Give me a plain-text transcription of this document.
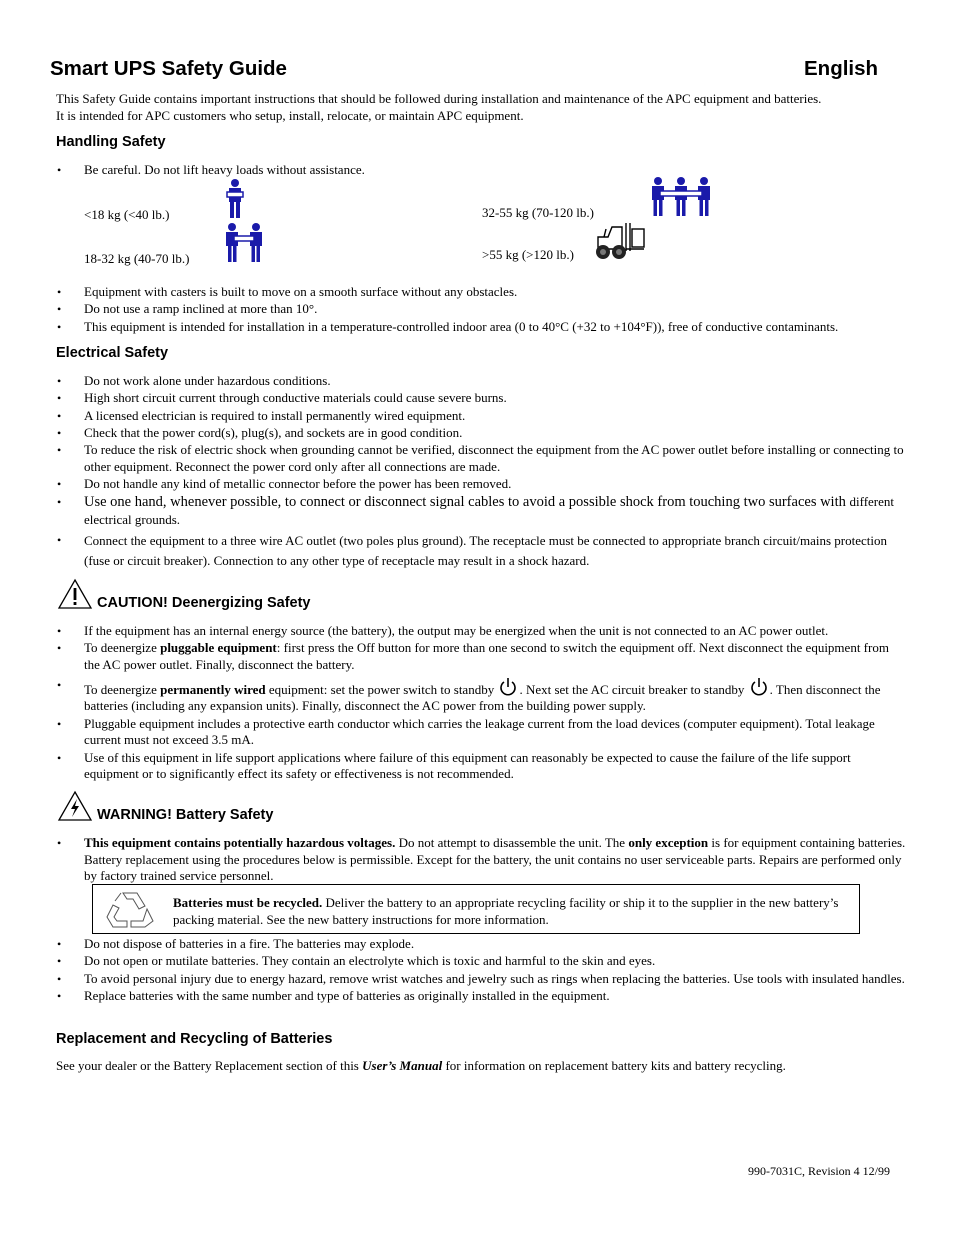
Smart UPS Safety Guide	English
This Safety Guide contains important instructions that should be followed during installation and maintenance of the APC equipment and batteries.
It is intended for APC customers who setup, install, relocate, or maintain APC equipment.
Handling Safety
• Be careful. Do not lift heavy loads without assistance.
<18 kg (<40 lb.)
18-32 kg (40-70 lb.)
32-55 kg (70-120 lb.)
>55 kg (>120 lb.)
• Equipment with casters is built to move on a smooth surface without any obstacles.
• Do not use a ramp inclined at more than 10°.
• This equipment is intended for installation in a temperature-controlled indoor area (0 to 40°C (+32 to +104°F)), free of conductive contaminants.
Electrical Safety
• Do not work alone under hazardous conditions.
• High short circuit current through conductive materials could cause severe burns.
• A licensed electrician is required to install permanently wired equipment.
• Check that the power cord(s), plug(s), and sockets are in good condition.
• To reduce the risk of electric shock when grounding cannot be verified, disconnect the equipment from the AC power outlet before installing or connecting to other equipment. Reconnect the power cord only after all connections are made.
• Do not handle any kind of metallic connector before the power has been removed.
• Use one hand, whenever possible, to connect or disconnect signal cables to avoid a possible shock from touching two surfaces with different electrical grounds.
• Connect the equipment to a three wire AC outlet (two poles plus ground). The receptacle must be connected to appropriate branch circuit/mains protection (fuse or circuit breaker). Connection to any other type of receptacle may result in a shock hazard.
CAUTION! Deenergizing Safety
• If the equipment has an internal energy source (the battery), the output may be energized when the unit is not connected to an AC power outlet.
• To deenergize pluggable equipment: first press the Off button for more than one second to switch the equipment off. Next disconnect the equipment from the AC power outlet. Finally, disconnect the battery.
• To deenergize permanently wired equipment: set the power switch to standby . Next set the AC circuit breaker to standby . Then disconnect the batteries (including any expansion units). Finally, disconnect the AC power from the building power supply.
• Pluggable equipment includes a protective earth conductor which carries the leakage current from the load devices (computer equipment). Total leakage current must not exceed 3.5 mA.
• Use of this equipment in life support applications where failure of this equipment can reasonably be expected to cause the failure of the life support equipment or to significantly effect its safety or effectiveness is not recommended.
WARNING! Battery Safety
• This equipment contains potentially hazardous voltages. Do not attempt to disassemble the unit. The only exception is for equipment containing batteries. Battery replacement using the procedures below is permissible. Except for the battery, the unit contains no user serviceable parts. Repairs are performed only by factory trained service personnel.
Batteries must be recycled. Deliver the battery to an appropriate recycling facility or ship it to the supplier in the new battery’s packing material. See the new battery instructions for more information.
• Do not dispose of batteries in a fire. The batteries may explode.
• Do not open or mutilate batteries. They contain an electrolyte which is toxic and harmful to the skin and eyes.
• To avoid personal injury due to energy hazard, remove wrist watches and jewelry such as rings when replacing the batteries. Use tools with insulated handles.
• Replace batteries with the same number and type of batteries as originally installed in the equipment.
Replacement and Recycling of Batteries
See your dealer or the Battery Replacement section of this User’s Manual for information on replacement battery kits and battery recycling.
990-7031C, Revision 4 12/99
